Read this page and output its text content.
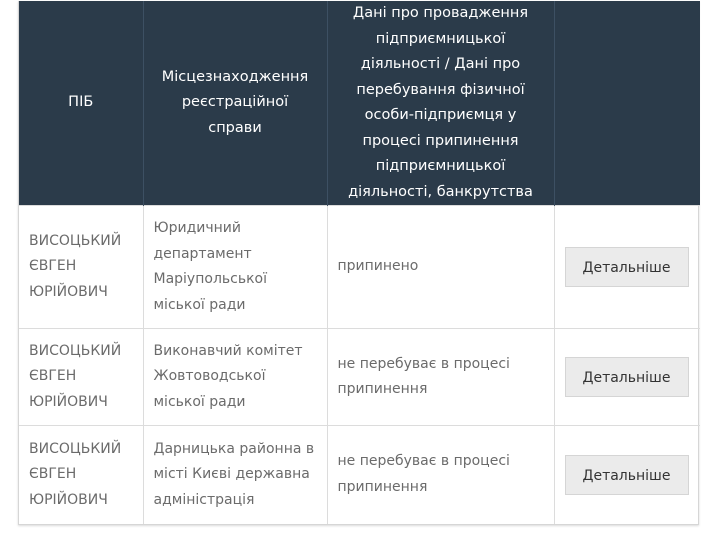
ПІБ	Місцезнаходження реєстраційної справи	Дані про провадження підприємницької діяльності / Дані про перебування фізичної особи-підприємця у процесі припинення підприємницької діяльності, банкрутства	
ВИСОЦЬКИЙ ЄВГЕН ЮРІЙОВИЧ	Юридичний департамент Маріупольської міської ради	припинено	Детальніше

ВИСОЦЬКИЙ ЄВГЕН ЮРІЙОВИЧ	Виконавчий комітет Жовтоводської міської ради	не перебуває в процесі припинення	Детальніше

ВИСОЦЬКИЙ ЄВГЕН ЮРІЙОВИЧ	Дарницька районна в місті Києві державна адміністрація	не перебуває в процесі припинення	Детальніше
